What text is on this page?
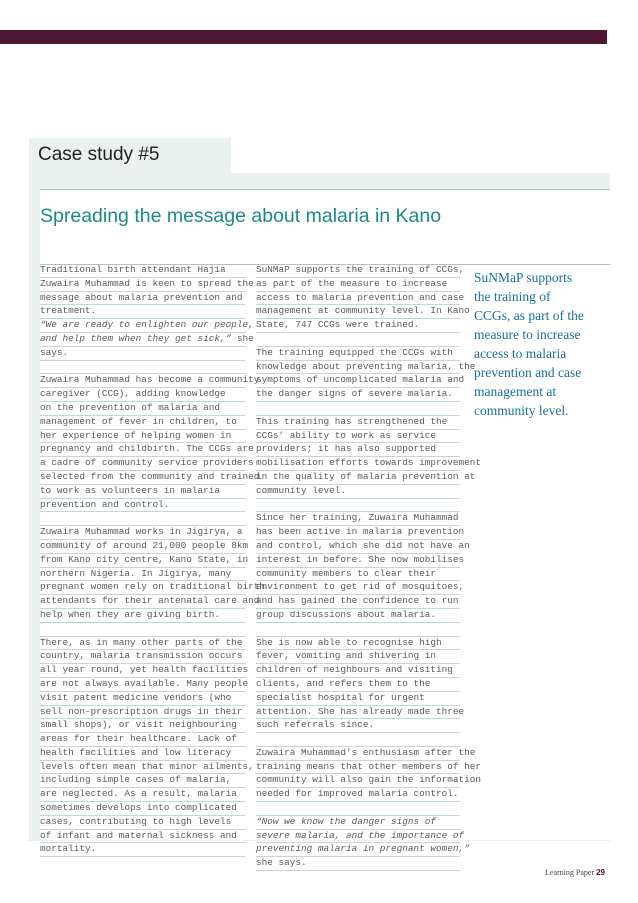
Case study #5
Spreading the message about malaria in Kano
Traditional birth attendant Hajia
Zuwaira Muhammad is keen to spread the
message about malaria prevention and
treatment.
“We are ready to enlighten our people,
and help them when they get sick,” she
says.

Zuwaira Muhammad has become a community
caregiver (CCG), adding knowledge
on the prevention of malaria and
management of fever in children, to
her experience of helping women in
pregnancy and childbirth. The CCGs are
a cadre of community service providers
selected from the community and trained
to work as volunteers in malaria
prevention and control.

Zuwaira Muhammad works in Jigirya, a
community of around 21,000 people 8km
from Kano city centre, Kano State, in
northern Nigeria. In Jigirya, many
pregnant women rely on traditional birth
attendants for their antenatal care and
help when they are giving birth.

There, as in many other parts of the
country, malaria transmission occurs
all year round, yet health facilities
are not always available. Many people
visit patent medicine vendors (who
sell non-prescription drugs in their
small shops), or visit neighbouring
areas for their healthcare. Lack of
health facilities and low literacy
levels often mean that minor ailments,
including simple cases of malaria,
are neglected. As a result, malaria
sometimes develops into complicated
cases, contributing to high levels
of infant and maternal sickness and
mortality.
SuNMaP supports the training of CCGs,
as part of the measure to increase
access to malaria prevention and case
management at community level. In Kano
State, 747 CCGs were trained.

The training equipped the CCGs with
knowledge about preventing malaria, the
symptoms of uncomplicated malaria and
the danger signs of severe malaria.

This training has strengthened the
CCGs’ ability to work as service
providers; it has also supported
mobilisation efforts towards improvement
in the quality of malaria prevention at
community level.

Since her training, Zuwaira Muhammad
has been active in malaria prevention
and control, which she did not have an
interest in before. She now mobilises
community members to clear their
environment to get rid of mosquitoes,
and has gained the confidence to run
group discussions about malaria.

She is now able to recognise high
fever, vomiting and shivering in
children of neighbours and visiting
clients, and refers them to the
specialist hospital for urgent
attention. She has already made three
such referrals since.

Zuwaira Muhammad’s enthusiasm after the
training means that other members of her
community will also gain the information
needed for improved malaria control.

“Now we know the danger signs of
severe malaria, and the importance of
preventing malaria in pregnant women,”
she says.
SuNMaP supports
the training of
CCGs, as part of the
measure to increase
access to malaria
prevention and case
management at
community level.
Learning Paper 29
